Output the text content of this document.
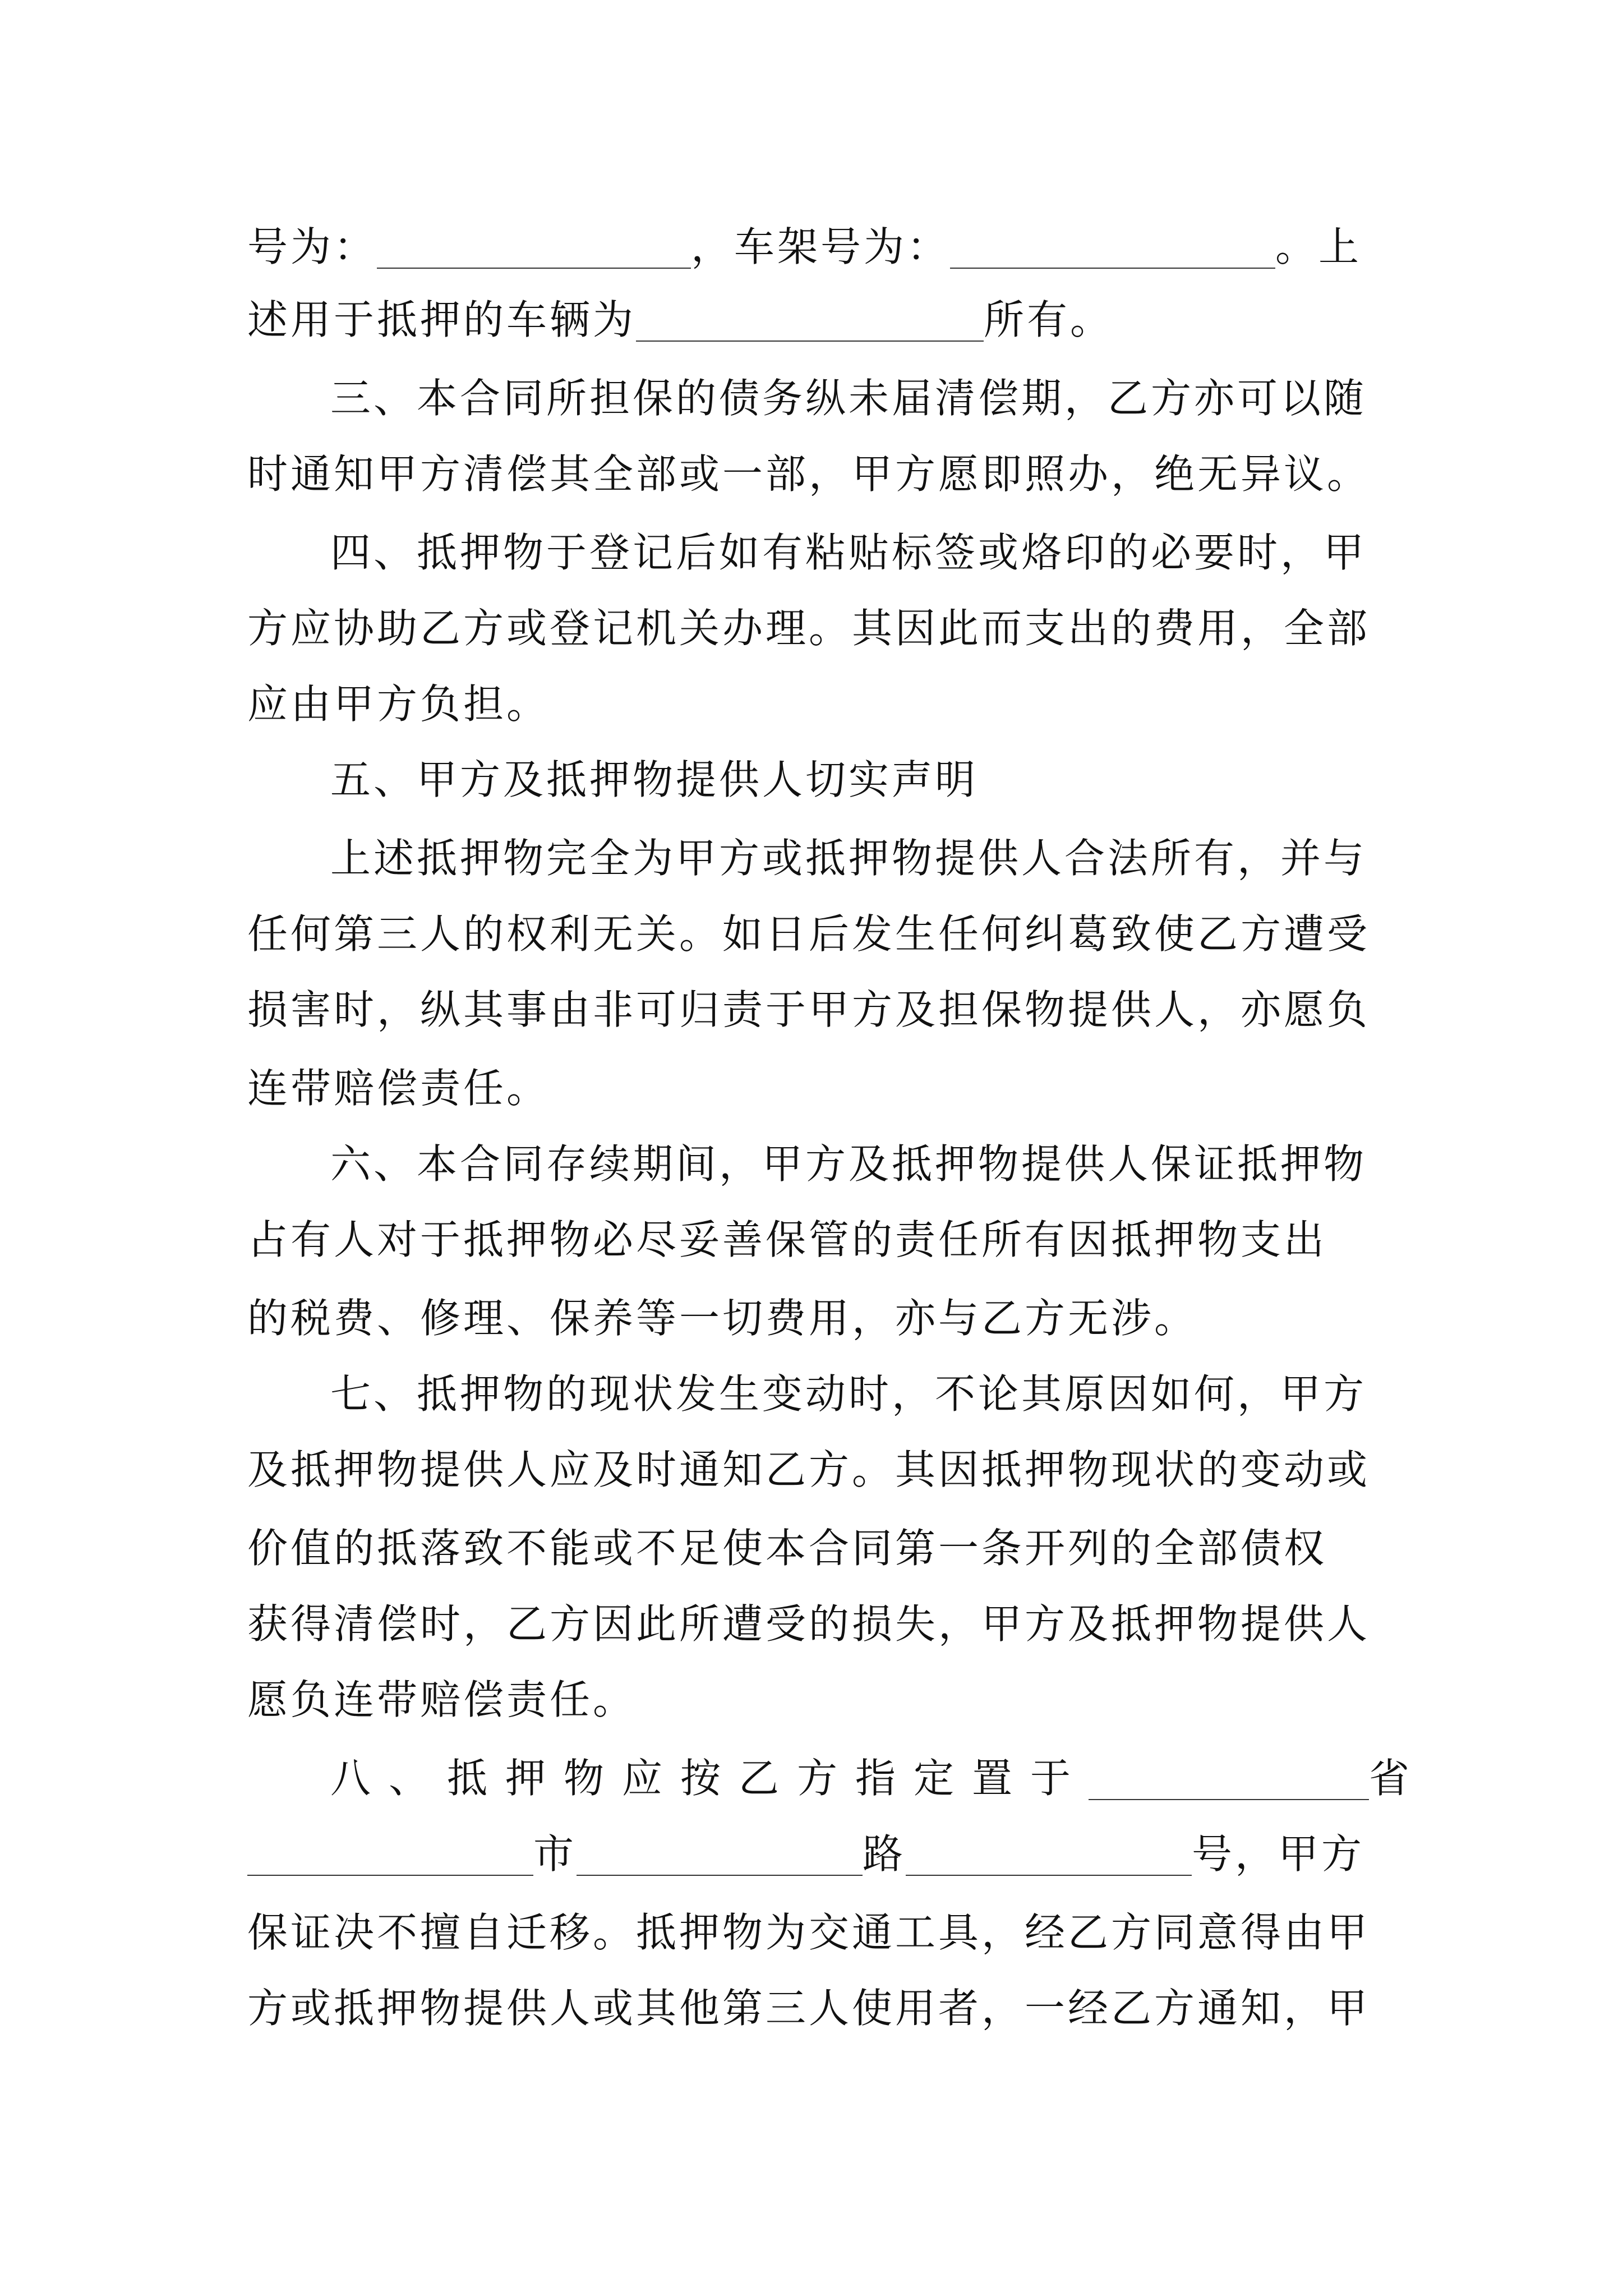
号为：	，车架号为：	。上
述用于抵押的车辆为	所有。
三、本合同所担保的债务纵未届清偿期，乙方亦可以随
时通知甲方清偿其全部或一部，甲方愿即照办，绝无异议。
四、抵押物于登记后如有粘贴标签或烙印的必要时，甲
方应协助乙方或登记机关办理。其因此而支出的费用，全部
应由甲方负担。
五、甲方及抵押物提供人切实声明
上述抵押物完全为甲方或抵押物提供人合法所有，并与
任何第三人的权利无关。如日后发生任何纠葛致使乙方遭受
损害时，纵其事由非可归责于甲方及担保物提供人，亦愿负
连带赔偿责任。
六、本合同存续期间，甲方及抵押物提供人保证抵押物
占有人对于抵押物必尽妥善保管的责任所有因抵押物支出
的税费、修理、保养等一切费用，亦与乙方无涉。
七、抵押物的现状发生变动时，不论其原因如何，甲方
及抵押物提供人应及时通知乙方。其因抵押物现状的变动或
价值的抵落致不能或不足使本合同第一条开列的全部债权
获得清偿时，乙方因此所遭受的损失，甲方及抵押物提供人
愿负连带赔偿责任。
八、抵押物应按乙方指定置于	省
市	路	号，甲方
保证决不擅自迁移。抵押物为交通工具，经乙方同意得由甲
方或抵押物提供人或其他第三人使用者，一经乙方通知，甲
